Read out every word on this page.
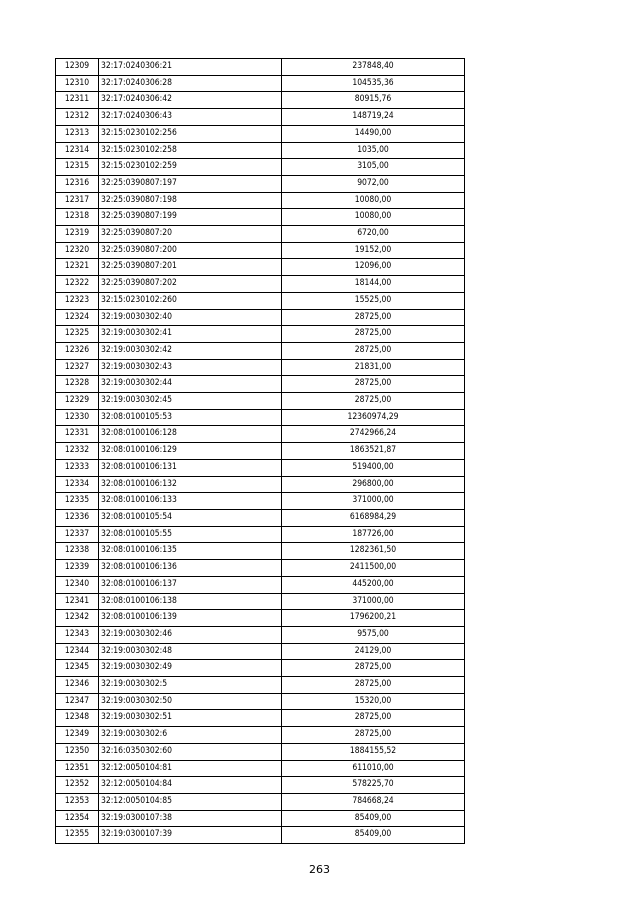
12309	32:17:0240306:21	237848,40
12310	32:17:0240306:28	104535,36
12311	32:17:0240306:42	80915,76
12312	32:17:0240306:43	148719,24
12313	32:15:0230102:256	14490,00
12314	32:15:0230102:258	1035,00
12315	32:15:0230102:259	3105,00
12316	32:25:0390807:197	9072,00
12317	32:25:0390807:198	10080,00
12318	32:25:0390807:199	10080,00
12319	32:25:0390807:20	6720,00
12320	32:25:0390807:200	19152,00
12321	32:25:0390807:201	12096,00
12322	32:25:0390807:202	18144,00
12323	32:15:0230102:260	15525,00
12324	32:19:0030302:40	28725,00
12325	32:19:0030302:41	28725,00
12326	32:19:0030302:42	28725,00
12327	32:19:0030302:43	21831,00
12328	32:19:0030302:44	28725,00
12329	32:19:0030302:45	28725,00
12330	32:08:0100105:53	12360974,29
12331	32:08:0100106:128	2742966,24
12332	32:08:0100106:129	1863521,87
12333	32:08:0100106:131	519400,00
12334	32:08:0100106:132	296800,00
12335	32:08:0100106:133	371000,00
12336	32:08:0100105:54	6168984,29
12337	32:08:0100105:55	187726,00
12338	32:08:0100106:135	1282361,50
12339	32:08:0100106:136	2411500,00
12340	32:08:0100106:137	445200,00
12341	32:08:0100106:138	371000,00
12342	32:08:0100106:139	1796200,21
12343	32:19:0030302:46	9575,00
12344	32:19:0030302:48	24129,00
12345	32:19:0030302:49	28725,00
12346	32:19:0030302:5	28725,00
12347	32:19:0030302:50	15320,00
12348	32:19:0030302:51	28725,00
12349	32:19:0030302:6	28725,00
12350	32:16:0350302:60	1884155,52
12351	32:12:0050104:81	611010,00
12352	32:12:0050104:84	578225,70
12353	32:12:0050104:85	784668,24
12354	32:19:0300107:38	85409,00
12355	32:19:0300107:39	85409,00
263
